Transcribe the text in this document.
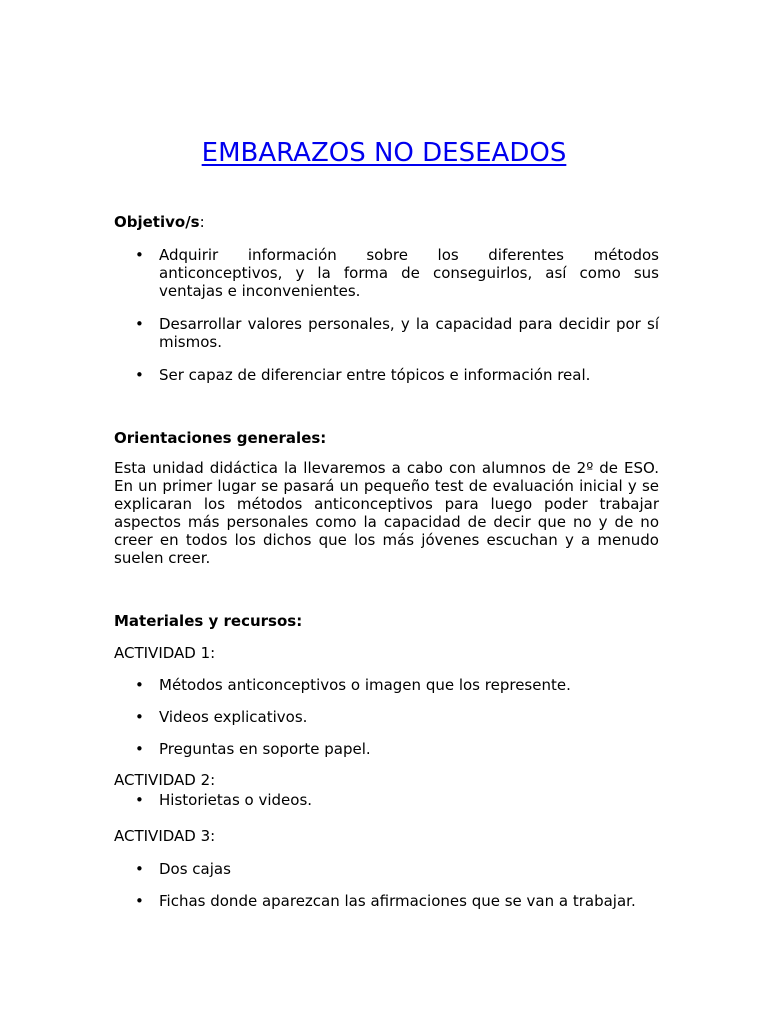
EMBARAZOS NO DESEADOS
Objetivo/s:
• Adquirir información sobre los diferentes métodos anticonceptivos, y la forma de conseguirlos, así como sus ventajas e inconvenientes.
• Desarrollar valores personales, y la capacidad para decidir por sí mismos.
• Ser capaz de diferenciar entre tópicos e información real.
Orientaciones generales:
Esta unidad didáctica la llevaremos a cabo con alumnos de 2º de ESO. En un primer lugar se pasará un pequeño test de evaluación inicial y se explicaran los métodos anticonceptivos para luego poder trabajar aspectos más personales como la capacidad de decir que no y de no creer en todos los dichos que los más jóvenes escuchan y a menudo suelen creer.
Materiales y recursos:
ACTIVIDAD 1:
• Métodos anticonceptivos o imagen que los represente.
• Videos explicativos.
• Preguntas en soporte papel.
ACTIVIDAD 2:
• Historietas o videos.
ACTIVIDAD 3:
• Dos cajas
• Fichas donde aparezcan las afirmaciones que se van a trabajar.
